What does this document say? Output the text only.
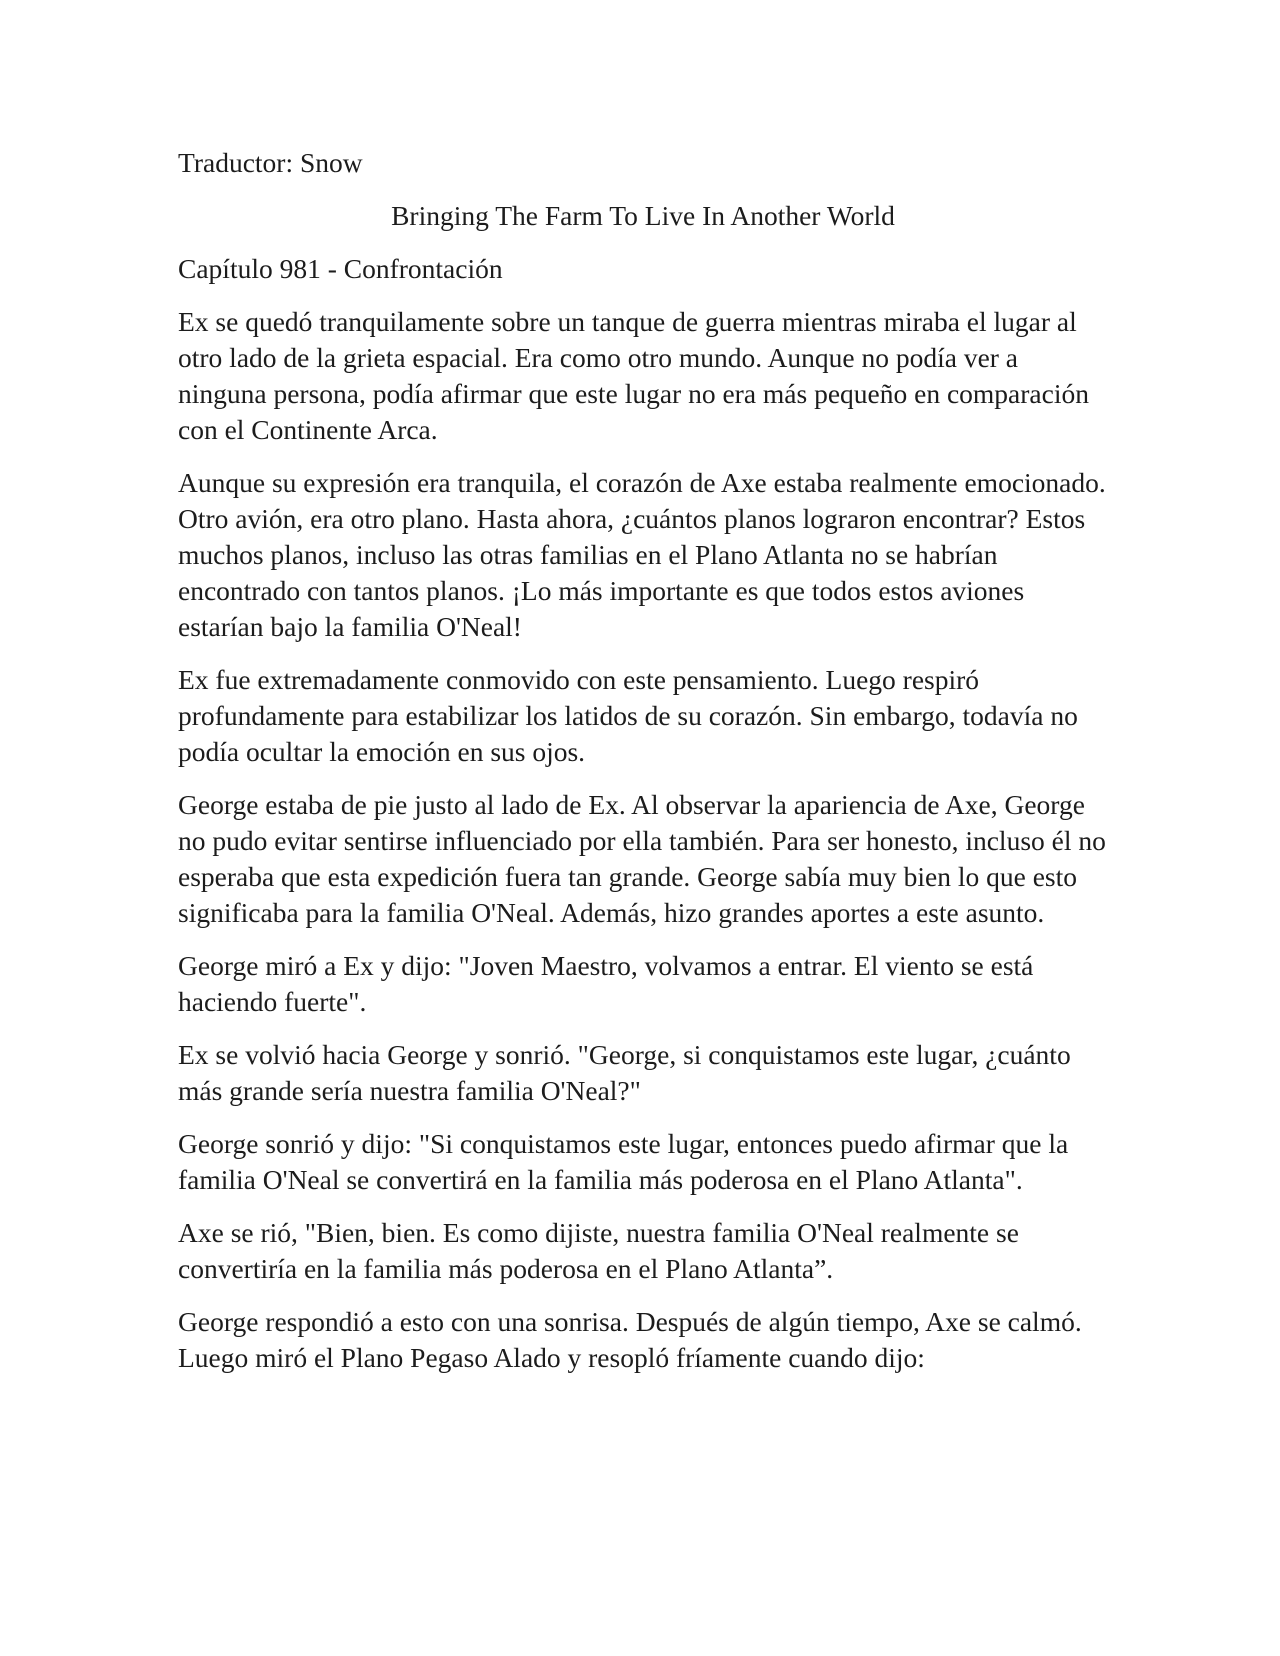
Traductor: Snow
Bringing The Farm To Live In Another World
Capítulo 981 - Confrontación

Ex se quedó tranquilamente sobre un tanque de guerra mientras miraba el lugar al otro lado de la grieta espacial. Era como otro mundo. Aunque no podía ver a ninguna persona, podía afirmar que este lugar no era más pequeño en comparación con el Continente Arca.

Aunque su expresión era tranquila, el corazón de Axe estaba realmente emocionado. Otro avión, era otro plano. Hasta ahora, ¿cuántos planos lograron encontrar? Estos muchos planos, incluso las otras familias en el Plano Atlanta no se habrían encontrado con tantos planos. ¡Lo más importante es que todos estos aviones estarían bajo la familia O'Neal!

Ex fue extremadamente conmovido con este pensamiento. Luego respiró profundamente para estabilizar los latidos de su corazón. Sin embargo, todavía no podía ocultar la emoción en sus ojos.

George estaba de pie justo al lado de Ex. Al observar la apariencia de Axe, George no pudo evitar sentirse influenciado por ella también. Para ser honesto, incluso él no esperaba que esta expedición fuera tan grande. George sabía muy bien lo que esto significaba para la familia O'Neal. Además, hizo grandes aportes a este asunto.

George miró a Ex y dijo: "Joven Maestro, volvamos a entrar. El viento se está haciendo fuerte".

Ex se volvió hacia George y sonrió. "George, si conquistamos este lugar, ¿cuánto más grande sería nuestra familia O'Neal?"

George sonrió y dijo: "Si conquistamos este lugar, entonces puedo afirmar que la familia O'Neal se convertirá en la familia más poderosa en el Plano Atlanta".

Axe se rió, "Bien, bien. Es como dijiste, nuestra familia O'Neal realmente se convertiría en la familia más poderosa en el Plano Atlanta”.

George respondió a esto con una sonrisa. Después de algún tiempo, Axe se calmó. Luego miró el Plano Pegaso Alado y resopló fríamente cuando dijo:
